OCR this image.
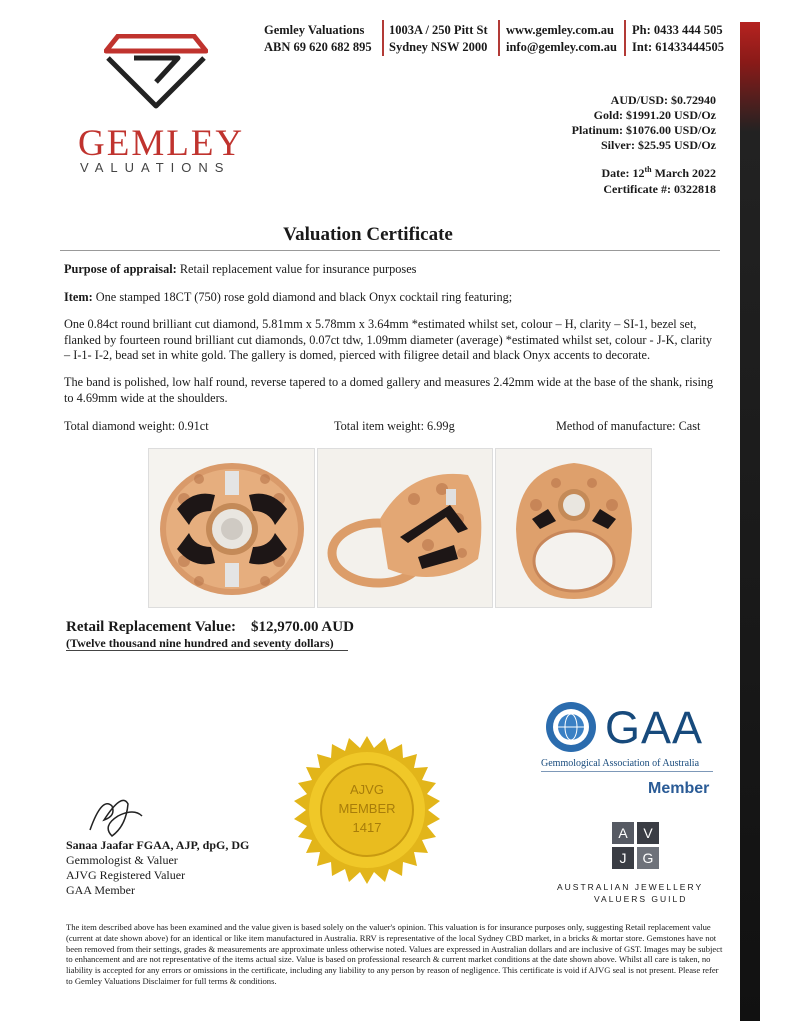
GEMLEY
VALUATIONS
Gemley Valuations
ABN 69 620 682 895
1003A / 250 Pitt St
Sydney NSW 2000
www.gemley.com.au
info@gemley.com.au
Ph: 0433 444 505
Int: 61433444505
AUD/USD: $0.72940
Gold: $1991.20 USD/Oz
Platinum: $1076.00 USD/Oz
Silver: $25.95 USD/Oz
Date: 12th March 2022
Certificate #: 0322818
Valuation Certificate
Purpose of appraisal: Retail replacement value for insurance purposes
Item: One stamped 18CT (750) rose gold diamond and black Onyx cocktail ring featuring;
One 0.84ct round brilliant cut diamond, 5.81mm x 5.78mm x 3.64mm *estimated whilst set, colour – H, clarity – SI-1, bezel set, flanked by fourteen round brilliant cut diamonds, 0.07ct tdw, 1.09mm diameter (average) *estimated whilst set, colour - J-K, clarity – I-1- I-2, bead set in white gold. The gallery is domed, pierced with filigree detail and black Onyx accents to decorate.
The band is polished, low half round, reverse tapered to a domed gallery and measures 2.42mm wide at the base of the shank, rising to 4.69mm wide at the shoulders.
Total diamond weight: 0.91ct	Total item weight: 6.99g	Method of manufacture: Cast
Retail Replacement Value: $12,970.00 AUD
(Twelve thousand nine hundred and seventy dollars)
Sanaa Jaafar FGAA, AJP, dpG, DG
Gemmologist & Valuer
AJVG Registered Valuer
GAA Member
AJVG
MEMBER
1417
GAA
Gemmological Association of Australia
Member
A	V
J	G
AUSTRALIAN JEWELLERY
VALUERS GUILD
The item described above has been examined and the value given is based solely on the valuer's opinion. This valuation is for insurance purposes only, suggesting Retail replacement value (current at date shown above) for an identical or like item manufactured in Australia. RRV is representative of the local Sydney CBD market, in a bricks & mortar store. Gemstones have not been removed from their settings, grades & measurements are approximate unless otherwise noted. Values are expressed in Australian dollars and are inclusive of GST. Images may be subject to enhancement and are not representative of the items actual size. Value is based on professional research & current market conditions at the date shown above. Whilst all care is taken, no liability is accepted for any errors or omissions in the certificate, including any liability to any person by reason of negligence. This certificate is void if AJVG seal is not present. Please refer to Gemley Valuations Disclaimer for full terms & conditions.
